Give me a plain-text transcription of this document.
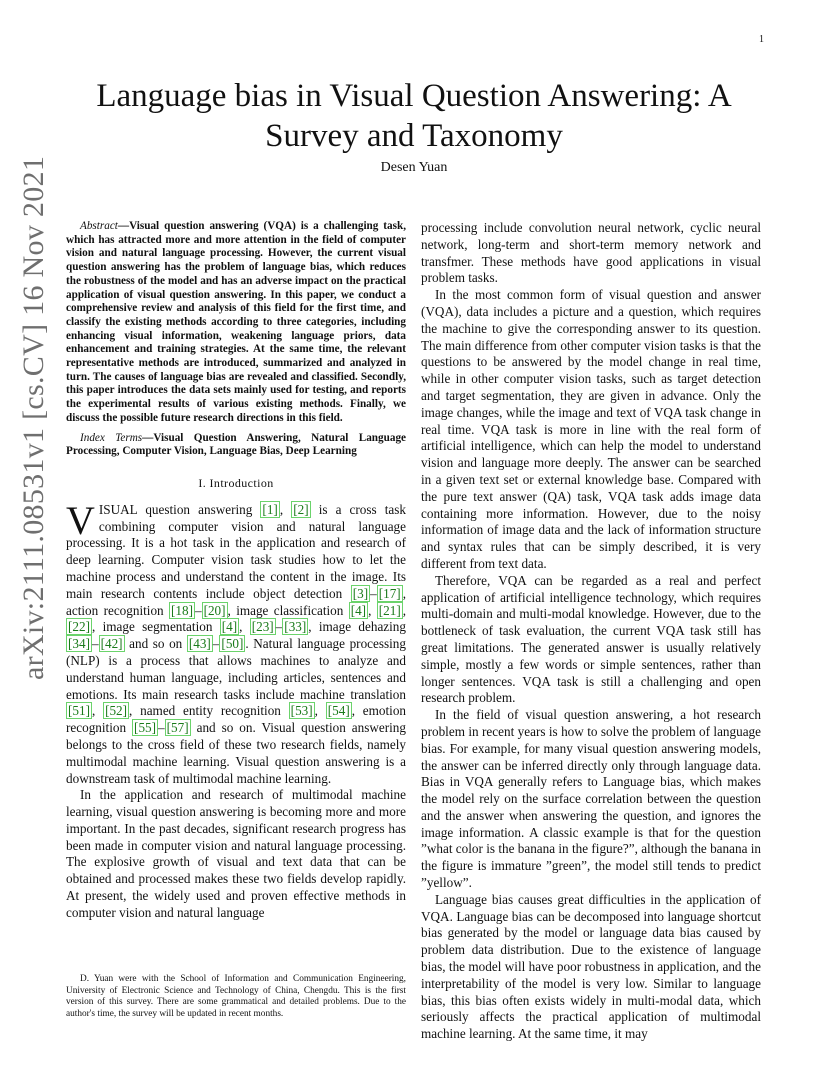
1
arXiv:2111.08531v1 [cs.CV] 16 Nov 2021
Language bias in Visual Question Answering: A Survey and Taxonomy
Desen Yuan

Abstract—Visual question answering (VQA) is a challenging task, which has attracted more and more attention in the field of computer vision and natural language processing. However, the current visual question answering has the problem of language bias, which reduces the robustness of the model and has an adverse impact on the practical application of visual question answering. In this paper, we conduct a comprehensive review and analysis of this field for the first time, and classify the existing methods according to three categories, including enhancing visual information, weakening language priors, data enhancement and training strategies. At the same time, the relevant representative methods are introduced, summarized and analyzed in turn. The causes of language bias are revealed and classified. Secondly, this paper introduces the data sets mainly used for testing, and reports the experimental results of various existing methods. Finally, we discuss the possible future research directions in this field.

Index Terms—Visual Question Answering, Natural Language Processing, Computer Vision, Language Bias, Deep Learning

I. Introduction

VISUAL question answering [1] , [2] is a cross task combining computer vision and natural language processing. It is a hot task in the application and research of deep learning. Computer vision task studies how to let the machine process and understand the content in the image. Its main research contents include object detection [3] – [17] , action recognition [18] – [20] , image classification [4] , [21] , [22] , image segmentation [4] , [23] – [33] , image dehazing [34] – [42] and so on [43] – [50] . Natural language processing (NLP) is a process that allows machines to analyze and understand human language, including articles, sentences and emotions. Its main research tasks include machine translation [51] , [52] , named entity recognition [53] , [54] , emotion recognition [55] – [57] and so on. Visual question answering belongs to the cross field of these two research fields, namely multimodal machine learning. Visual question answering is a downstream task of multimodal machine learning.

In the application and research of multimodal machine learning, visual question answering is becoming more and more important. In the past decades, significant research progress has been made in computer vision and natural language processing. The explosive growth of visual and text data that can be obtained and processed makes these two fields develop rapidly. At present, the widely used and proven effective methods in computer vision and natural language

processing include convolution neural network, cyclic neural network, long-term and short-term memory network and transfmer. These methods have good applications in visual problem tasks.

In the most common form of visual question and answer (VQA), data includes a picture and a question, which requires the machine to give the corresponding answer to its question. The main difference from other computer vision tasks is that the questions to be answered by the model change in real time, while in other computer vision tasks, such as target detection and target segmentation, they are given in advance. Only the image changes, while the image and text of VQA task change in real time. VQA task is more in line with the real form of artificial intelligence, which can help the model to understand vision and language more deeply. The answer can be searched in a given text set or external knowledge base. Compared with the pure text answer (QA) task, VQA task adds image data containing more information. However, due to the noisy information of image data and the lack of information structure and syntax rules that can be simply described, it is very different from text data.

Therefore, VQA can be regarded as a real and perfect application of artificial intelligence technology, which requires multi-domain and multi-modal knowledge. However, due to the bottleneck of task evaluation, the current VQA task still has great limitations. The generated answer is usually relatively simple, mostly a few words or simple sentences, rather than longer sentences. VQA task is still a challenging and open research problem.

In the field of visual question answering, a hot research problem in recent years is how to solve the problem of language bias. For example, for many visual question answering models, the answer can be inferred directly only through language data. Bias in VQA generally refers to Language bias, which makes the model rely on the surface correlation between the question and the answer when answering the question, and ignores the image information. A classic example is that for the question ”what color is the banana in the figure?”, although the banana in the figure is immature ”green”, the model still tends to predict ”yellow”.

Language bias causes great difficulties in the application of VQA. Language bias can be decomposed into language shortcut bias generated by the model or language data bias caused by problem data distribution. Due to the existence of language bias, the model will have poor robustness in application, and the interpretability of the model is very low. Similar to language bias, this bias often exists widely in multi-modal data, which seriously affects the practical application of multimodal machine learning. At the same time, it may

D. Yuan were with the School of Information and Communication Engineering, University of Electronic Science and Technology of China, Chengdu. This is the first version of this survey. There are some grammatical and detailed problems. Due to the author's time, the survey will be updated in recent months.
